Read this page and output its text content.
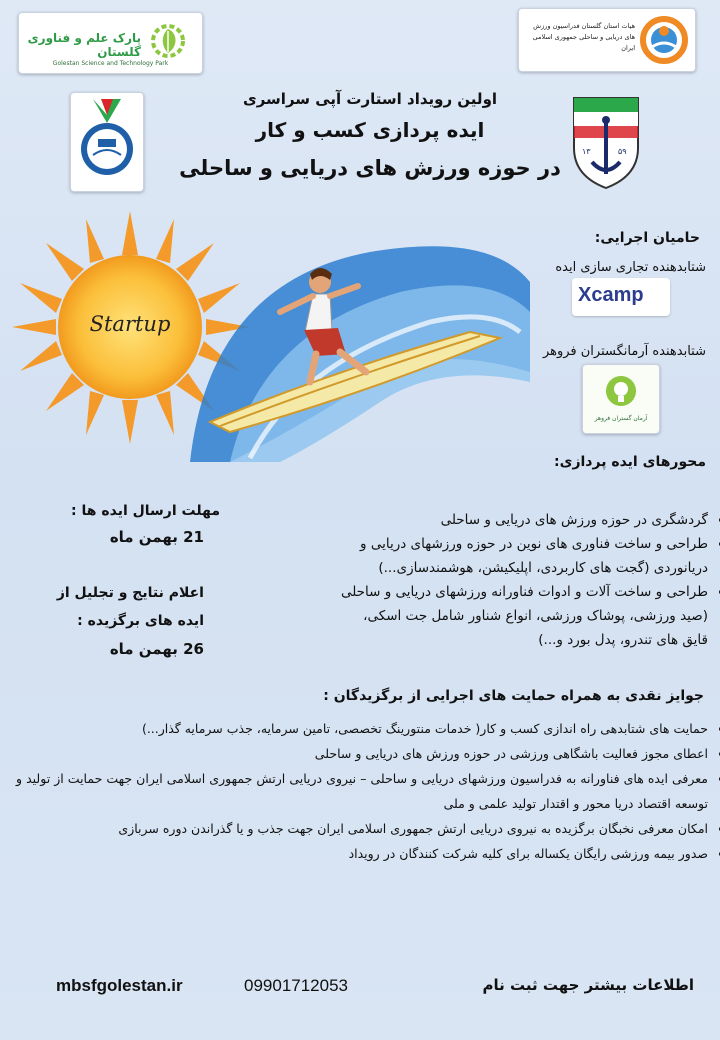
پارک علم و فناوری گلستان
Golestan Science and Technology Park
هیات استان گلستان فدراسیون ورزش های دریایی و ساحلی جمهوری اسلامی ایران
۱۳	۵۹
اولین رویداد استارت آپی سراسری
ایده پردازی کسب و کار
در حوزه ورزش های دریایی و ساحلی
Startup
حامیان اجرایی:
شتابدهنده تجاری سازی ایده
Xcamp
شتابدهنده آرمانگستران فروهر
آرمان گستران فروهر
محورهای ایده پردازی:
• گردشگری در حوزه ورزش های دریایی و ساحلی
• طراحی و ساخت فناوری های نوین در حوزه ورزشهای دریایی و
دریانوردی (گجت های کاربردی، اپلیکیشن، هوشمندسازی...)
• طراحی و ساخت آلات و ادوات فناورانه ورزشهای دریایی و ساحلی
(صید ورزشی، پوشاک ورزشی، انواع شناور شامل جت اسکی،
قایق های تندرو، پدل بورد و...)
مهلت ارسال ایده ها :
21 بهمن ماه
اعلام نتایج و تجلیل از
ایده های برگزیده :
26 بهمن ماه
جوایز نقدی به همراه حمایت های اجرایی از برگزیدگان :
• حمایت های شتابدهی راه اندازی کسب و کار( خدمات منتورینگ تخصصی، تامین سرمایه، جذب سرمایه گذار...)
• اعطای مجوز فعالیت باشگاهی ورزشی در حوزه ورزش های دریایی و ساحلی
• معرفی ایده های فناورانه به فدراسیون ورزشهای دریایی و ساحلی – نیروی دریایی ارتش جمهوری اسلامی ایران جهت حمایت از تولید و توسعه اقتصاد دریا محور و اقتدار تولید علمی و ملی
• امکان معرفی نخبگان برگزیده به نیروی دریایی ارتش جمهوری اسلامی ایران جهت جذب و یا گذراندن دوره سربازی
• صدور بیمه ورزشی رایگان یکساله برای کلیه شرکت کنندگان در رویداد
mbsfgolestan.ir	09901712053	اطلاعات بیشتر جهت ثبت نام
